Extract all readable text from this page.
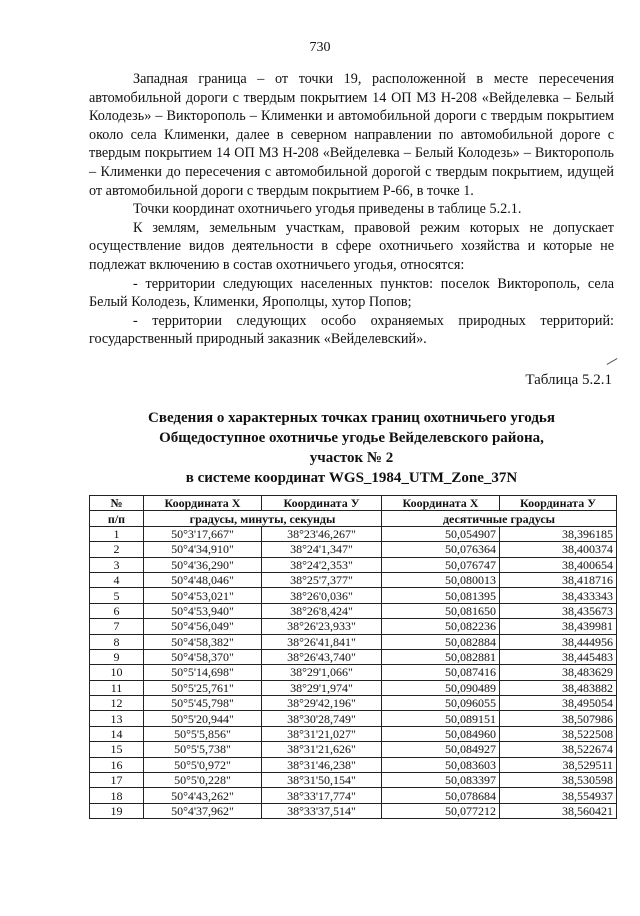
730

Западная граница – от точки 19, расположенной в месте пересечения автомобильной дороги с твердым покрытием 14 ОП МЗ Н-208 «Вейделевка – Белый Колодезь» – Викторополь – Клименки и автомобильной дороги с твердым покрытием около села Клименки, далее в северном направлении по автомобильной дороге с твердым покрытием 14 ОП МЗ Н-208 «Вейделевка – Белый Колодезь» – Викторополь – Клименки до пересечения с автомобильной дорогой с твердым покрытием, идущей от автомобильной дороги с твердым покрытием Р-66, в точке 1.

Точки координат охотничьего угодья приведены в таблице 5.2.1.

К землям, земельным участкам, правовой режим которых не допускает осуществление видов деятельности в сфере охотничьего хозяйства и которые не подлежат включению в состав охотничьего угодья, относятся:

- территории следующих населенных пунктов: поселок Викторополь, села Белый Колодезь, Клименки, Ярополцы, хутор Попов;

- территории следующих особо охраняемых природных территорий: государственный природный заказник «Вейделевский».

Таблица 5.2.1
Сведения о характерных точках границ охотничьего угодья
Общедоступное охотничье угодье Вейделевского района,
участок № 2
в системе координат WGS_1984_UTM_Zone_37N
№	Координата Х	Координата У	Координата Х	Координата У
п/п	градусы, минуты, секунды		десятичные градусы	
1	50°3'17,667"	38°23'46,267"	50,054907	38,396185
2	50°4'34,910"	38°24'1,347"	50,076364	38,400374
3	50°4'36,290"	38°24'2,353"	50,076747	38,400654
4	50°4'48,046"	38°25'7,377"	50,080013	38,418716
5	50°4'53,021"	38°26'0,036"	50,081395	38,433343
6	50°4'53,940"	38°26'8,424"	50,081650	38,435673
7	50°4'56,049"	38°26'23,933"	50,082236	38,439981
8	50°4'58,382"	38°26'41,841"	50,082884	38,444956
9	50°4'58,370"	38°26'43,740"	50,082881	38,445483
10	50°5'14,698"	38°29'1,066"	50,087416	38,483629
11	50°5'25,761"	38°29'1,974"	50,090489	38,483882
12	50°5'45,798"	38°29'42,196"	50,096055	38,495054
13	50°5'20,944"	38°30'28,749"	50,089151	38,507986
14	50°5'5,856"	38°31'21,027"	50,084960	38,522508
15	50°5'5,738"	38°31'21,626"	50,084927	38,522674
16	50°5'0,972"	38°31'46,238"	50,083603	38,529511
17	50°5'0,228"	38°31'50,154"	50,083397	38,530598
18	50°4'43,262"	38°33'17,774"	50,078684	38,554937
19	50°4'37,962"	38°33'37,514"	50,077212	38,560421
